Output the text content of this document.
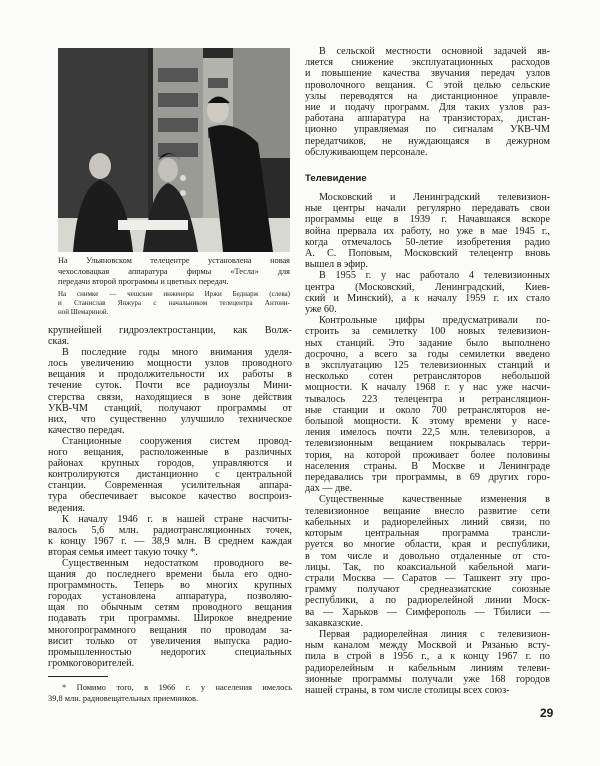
На Ульяновском телецентре установлена новая
чехословацкая аппаратура фирмы «Тесла» для
передачи второй программы и цветных передач.
На снимке — чешские инженеры Иржи Беднарж (слева)
и Станислав Янжура с начальником телецентра Антони-
ной Шемариной.
крупнейшей гидроэлектростанции, как Волж-
ская.
В последние годы много внимания уделя-
лось увеличению мощности узлов проводного
вещания и продолжительности их работы в
течение суток. Почти все радиоузлы Мини-
стерства связи, находящиеся в зоне действия
УКВ-ЧМ станций, получают программы от
них, что существенно улучшило техническое
качество передач.
Станционные сооружения систем провод-
ного вещания, расположенные в различных
районах крупных городов, управляются и
контролируются дистанционно с центральной
станции. Современная усилительная аппара-
тура обеспечивает высокое качество воспроиз-
ведения.
К началу 1946 г. в нашей стране насчиты-
валось 5,6 млн. радиотрансляционных точек,
к концу 1967 г. — 38,9 млн. В среднем каждая
вторая семья имеет такую точку *.
Существенным недостатком проводного ве-
щания до последнего времени была его одно-
программность. Теперь во многих крупных
городах установлена аппаратура, позволяю-
щая по обычным сетям проводного вещания
подавать три программы. Широкое внедрение
многопрограммного вещания по проводам за-
висит только от увеличения выпуска радио-
промышленностью недорогих специальных
громкоговорителей.
В сельской местности основной задачей яв-
ляется снижение эксплуатационных расходов
и повышение качества звучания передач узлов
проволочного вещания. С этой целью сельские
узлы переводятся на дистанционное управле-
ние и подачу программ. Для таких узлов раз-
работана аппаратура на транзисторах, дистан-
ционно управляемая по сигналам УКВ-ЧМ
передатчиков, не нуждающаяся в дежурном
обслуживающем персонале.
Телевидение
Московский и Ленинградский телевизион-
ные центры начали регулярно передавать свои
программы еще в 1939 г. Начавшаяся вскоре
война прервала их работу, но уже в мае 1945 г.,
когда отмечалось 50-летие изобретения радио
А. С. Поповым, Московский телецентр вновь
вышел в эфир.
В 1955 г. у нас работало 4 телевизионных
центра (Московский, Ленинградский, Киев-
ский и Минский), а к началу 1959 г. их стало
уже 60.
Контрольные цифры предусматривали по-
строить за семилетку 100 новых телевизион-
ных станций. Это задание было выполнено
досрочно, а всего за годы семилетки введено
в эксплуатацию 125 телевизионных станций и
несколько сотен ретрансляторов небольшой
мощности. К началу 1968 г. у нас уже насчи-
тывалось 223 телецентра и ретрансляцион-
ные станции и около 700 ретрансляторов не-
большой мощности. К этому времени у насе-
ления имелось почти 22,5 млн. телевизоров, а
телевизионным вещанием покрывалась терри-
тория, на которой проживает более половины
населения страны. В Москве и Ленинграде
передавались три программы, в 69 других горо-
дах — две.
Существенные качественные изменения в
телевизионное вещание внесло развитие сети
кабельных и радиорелейных линий связи, по
которым центральная программа трансли-
руется во многие области, края и республики,
в том числе и довольно отдаленные от сто-
лицы. Так, по коаксиальной кабельной маги-
страли Москва — Саратов — Ташкент эту про-
грамму получают среднеазиатские союзные
республики, а по радиорелейной линии Моск-
ва — Харьков — Симферополь — Тбилиси —
закавказские.
Первая радиорелейная линия с телевизион-
ным каналом между Москвой и Рязанью всту-
пила в строй в 1956 г., а к концу 1967 г. по
радиорелейным и кабельным линиям телеви-
зионные программы получали уже 168 городов
нашей страны, в том числе столицы всех союз-
* Помимо того, в 1966 г. у населения имелось
39,8 млн. радиовещательных приемников.
29
